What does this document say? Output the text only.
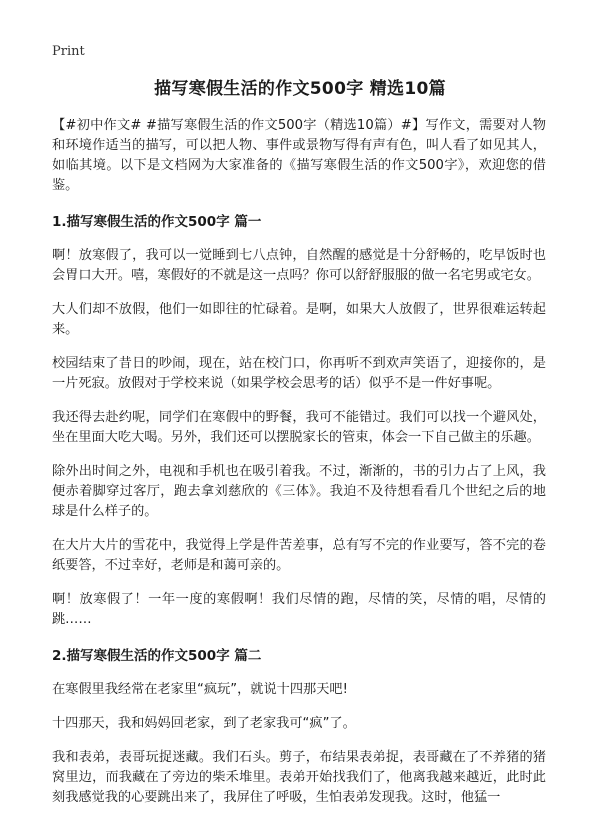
Print
描写寒假生活的作文500字 精选10篇

【#初中作文# #描写寒假生活的作文500字（精选10篇）#】写作文，需要对人物和环境作适当的描写，可以把人物、事件或景物写得有声有色，叫人看了如见其人，如临其境。以下是文档网为大家准备的《描写寒假生活的作文500字》，欢迎您的借鉴。

1.描写寒假生活的作文500字 篇一

啊！放寒假了，我可以一觉睡到七八点钟，自然醒的感觉是十分舒畅的，吃早饭时也会胃口大开。嘻，寒假好的不就是这一点吗？你可以舒舒服服的做一名宅男或宅女。

大人们却不放假，他们一如即往的忙碌着。是啊，如果大人放假了，世界很难运转起来。

校园结束了昔日的吵闹，现在，站在校门口，你再听不到欢声笑语了，迎接你的，是一片死寂。放假对于学校来说（如果学校会思考的话）似乎不是一件好事呢。

我还得去赴约呢，同学们在寒假中的野餐，我可不能错过。我们可以找一个避风处，坐在里面大吃大喝。另外，我们还可以摆脱家长的管束，体会一下自己做主的乐趣。

除外出时间之外，电视和手机也在吸引着我。不过，渐渐的，书的引力占了上风，我便赤着脚穿过客厅，跑去拿刘慈欣的《三体》。我迫不及待想看看几个世纪之后的地球是什么样子的。

在大片大片的雪花中，我觉得上学是件苦差事，总有写不完的作业要写，答不完的卷纸要答，不过幸好，老师是和蔼可亲的。

啊！放寒假了！一年一度的寒假啊！我们尽情的跑，尽情的笑，尽情的唱，尽情的跳……

2.描写寒假生活的作文500字 篇二

在寒假里我经常在老家里“疯玩”，就说十四那天吧!

十四那天，我和妈妈回老家，到了老家我可“疯”了。

我和表弟，表哥玩捉迷藏。我们石头。剪子，布结果表弟捉，表哥藏在了不养猪的猪窝里边，而我藏在了旁边的柴禾堆里。表弟开始找我们了，他离我越来越近，此时此刻我感觉我的心要跳出来了，我屏住了呼吸，生怕表弟发现我。这时，他猛一
